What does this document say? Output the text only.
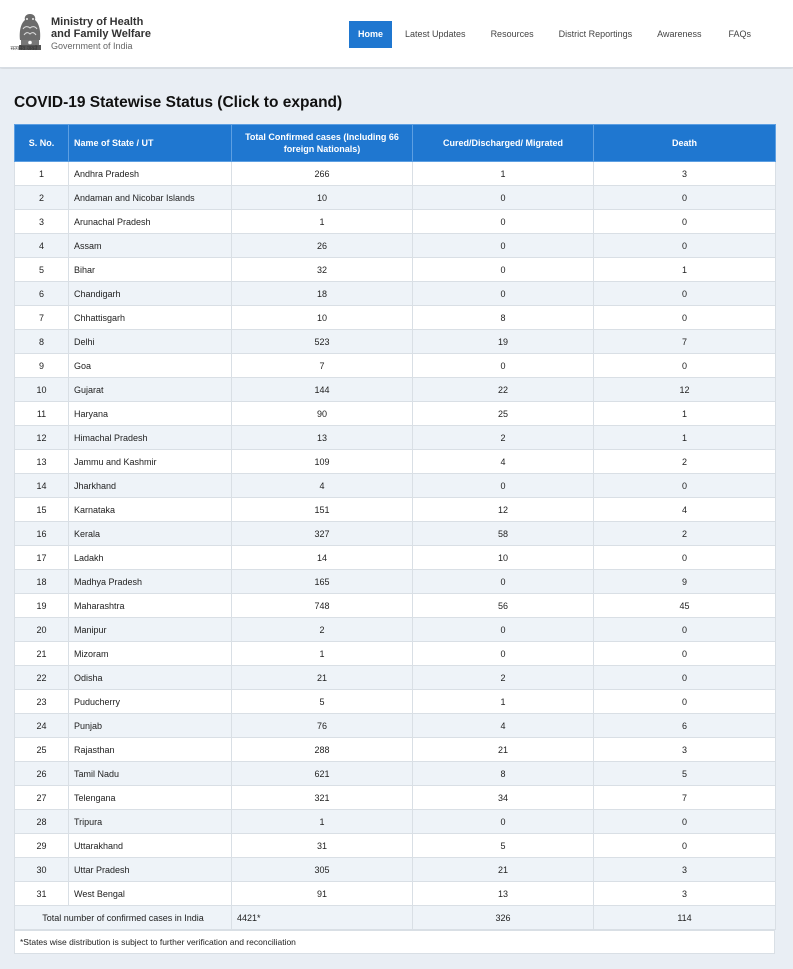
सत्यमेव जयते
Ministry of Health
and Family Welfare
Government of India
Home	Latest Updates	Resources	District Reportings	Awareness	FAQs
COVID-19 Statewise Status (Click to expand)
S. No.	Name of State / UT	Total Confirmed cases (Including 66 foreign Nationals)	Cured/Discharged/ Migrated	Death
1	Andhra Pradesh	266	1	3
2	Andaman and Nicobar Islands	10	0	0
3	Arunachal Pradesh	1	0	0
4	Assam	26	0	0
5	Bihar	32	0	1
6	Chandigarh	18	0	0
7	Chhattisgarh	10	8	0
8	Delhi	523	19	7
9	Goa	7	0	0
10	Gujarat	144	22	12
11	Haryana	90	25	1
12	Himachal Pradesh	13	2	1
13	Jammu and Kashmir	109	4	2
14	Jharkhand	4	0	0
15	Karnataka	151	12	4
16	Kerala	327	58	2
17	Ladakh	14	10	0
18	Madhya Pradesh	165	0	9
19	Maharashtra	748	56	45
20	Manipur	2	0	0
21	Mizoram	1	0	0
22	Odisha	21	2	0
23	Puducherry	5	1	0
24	Punjab	76	4	6
25	Rajasthan	288	21	3
26	Tamil Nadu	621	8	5
27	Telengana	321	34	7
28	Tripura	1	0	0
29	Uttarakhand	31	5	0
30	Uttar Pradesh	305	21	3
31	West Bengal	91	13	3
Total number of confirmed cases in India		4421*	326	114
*States wise distribution is subject to further verification and reconciliation
